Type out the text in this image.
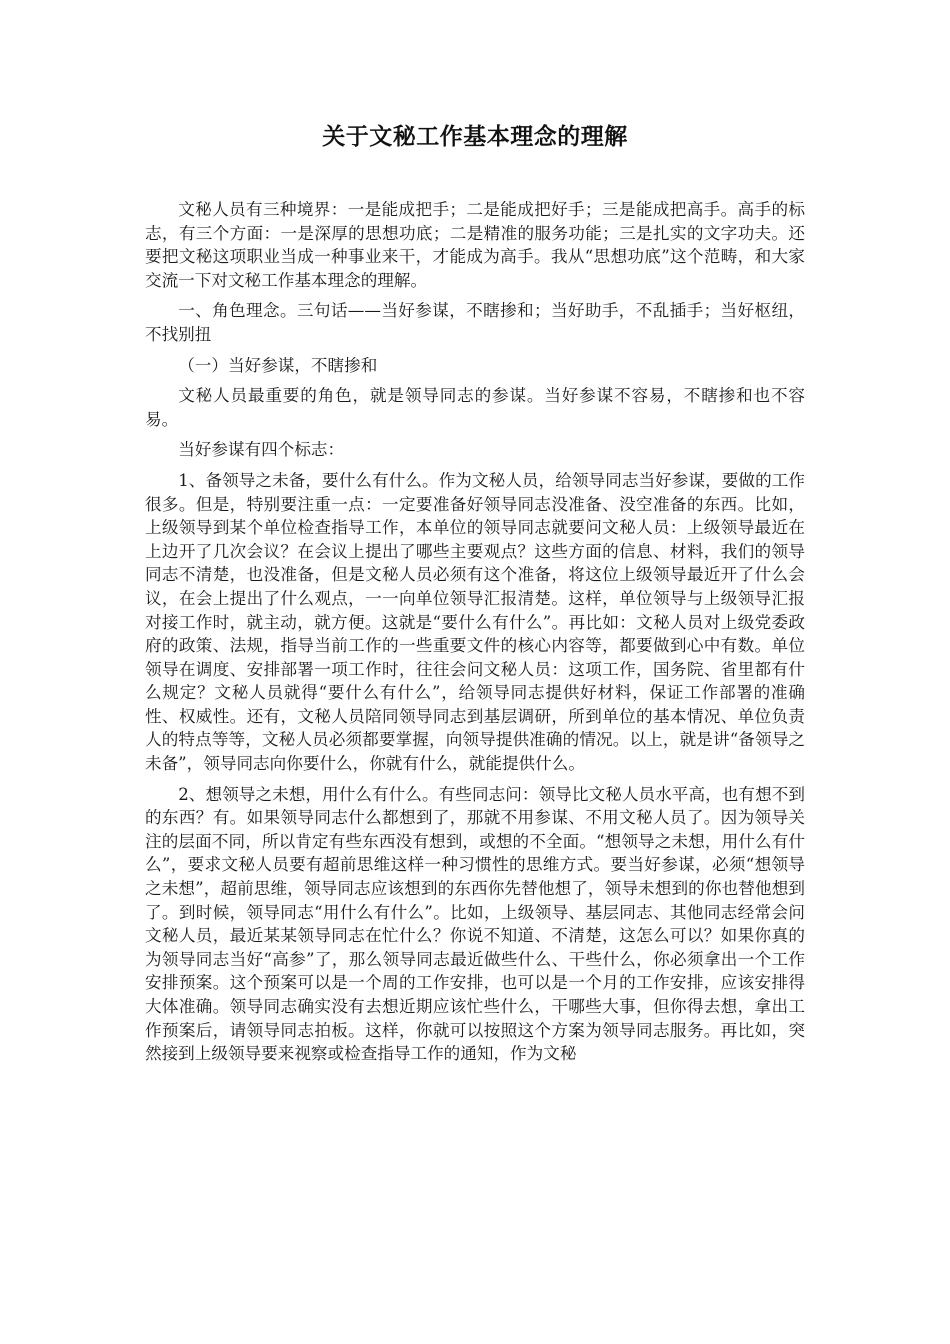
关于文秘工作基本理念的理解

文秘人员有三种境界：一是能成把手；二是能成把好手；三是能成把高手。高手的标志，有三个方面：一是深厚的思想功底；二是精准的服务功能；三是扎实的文字功夫。还要把文秘这项职业当成一种事业来干，才能成为高手。我从“思想功底”这个范畴，和大家交流一下对文秘工作基本理念的理解。

一、角色理念。三句话——当好参谋，不瞎掺和；当好助手，不乱插手；当好枢纽，不找别扭

（一）当好参谋，不瞎掺和

文秘人员最重要的角色，就是领导同志的参谋。当好参谋不容易，不瞎掺和也不容易。

当好参谋有四个标志：

1、备领导之未备，要什么有什么。作为文秘人员，给领导同志当好参谋，要做的工作很多。但是，特别要注重一点：一定要准备好领导同志没准备、没空准备的东西。比如，上级领导到某个单位检查指导工作，本单位的领导同志就要问文秘人员：上级领导最近在上边开了几次会议？在会议上提出了哪些主要观点？这些方面的信息、材料，我们的领导同志不清楚，也没准备，但是文秘人员必须有这个准备，将这位上级领导最近开了什么会议，在会上提出了什么观点，一一向单位领导汇报清楚。这样，单位领导与上级领导汇报对接工作时，就主动，就方便。这就是“要什么有什么”。再比如：文秘人员对上级党委政府的政策、法规，指导当前工作的一些重要文件的核心内容等，都要做到心中有数。单位领导在调度、安排部署一项工作时，往往会问文秘人员：这项工作，国务院、省里都有什么规定？文秘人员就得“要什么有什么”，给领导同志提供好材料，保证工作部署的准确性、权威性。还有，文秘人员陪同领导同志到基层调研，所到单位的基本情况、单位负责人的特点等等，文秘人员必须都要掌握，向领导提供准确的情况。以上，就是讲“备领导之未备”，领导同志向你要什么，你就有什么，就能提供什么。

2、想领导之未想，用什么有什么。有些同志问：领导比文秘人员水平高，也有想不到的东西？有。如果领导同志什么都想到了，那就不用参谋、不用文秘人员了。因为领导关注的层面不同，所以肯定有些东西没有想到，或想的不全面。“想领导之未想，用什么有什么”，要求文秘人员要有超前思维这样一种习惯性的思维方式。要当好参谋，必须“想领导之未想”，超前思维，领导同志应该想到的东西你先替他想了，领导未想到的你也替他想到了。到时候，领导同志“用什么有什么”。比如，上级领导、基层同志、其他同志经常会问文秘人员，最近某某领导同志在忙什么？你说不知道、不清楚，这怎么可以？如果你真的为领导同志当好“高参”了，那么领导同志最近做些什么、干些什么，你必须拿出一个工作安排预案。这个预案可以是一个周的工作安排，也可以是一个月的工作安排，应该安排得大体准确。领导同志确实没有去想近期应该忙些什么，干哪些大事，但你得去想，拿出工作预案后，请领导同志拍板。这样，你就可以按照这个方案为领导同志服务。再比如，突然接到上级领导要来视察或检查指导工作的通知，作为文秘
